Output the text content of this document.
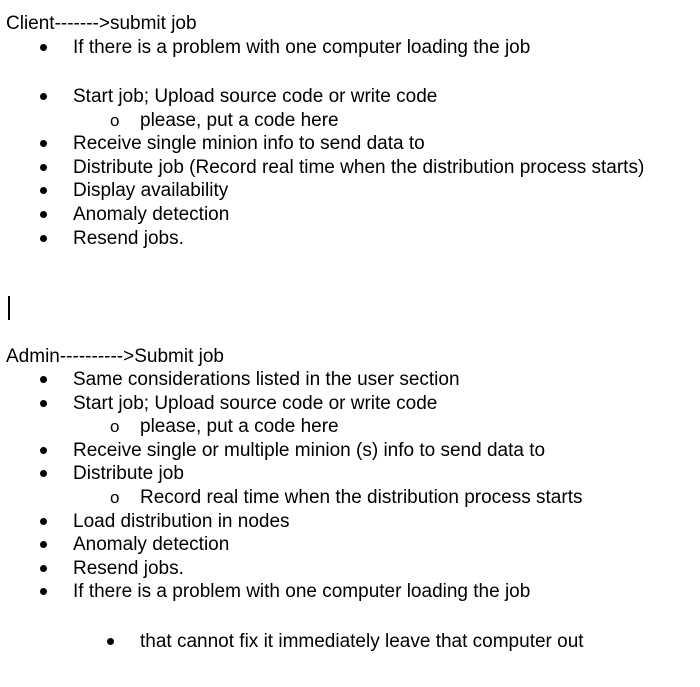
Client------->submit job
If there is a problem with one computer loading the job
Start job; Upload source code or write code
o please, put a code here
Receive single minion info to send data to
Distribute job (Record real time when the distribution process starts)
Display availability
Anomaly detection
Resend jobs.
Admin---------->Submit job
Same considerations listed in the user section
Start job; Upload source code or write code
o please, put a code here
Receive single or multiple minion (s) info to send data to
Distribute job
o Record real time when the distribution process starts
Load distribution in nodes
Anomaly detection
Resend jobs.
If there is a problem with one computer loading the job
that cannot fix it immediately leave that computer out
